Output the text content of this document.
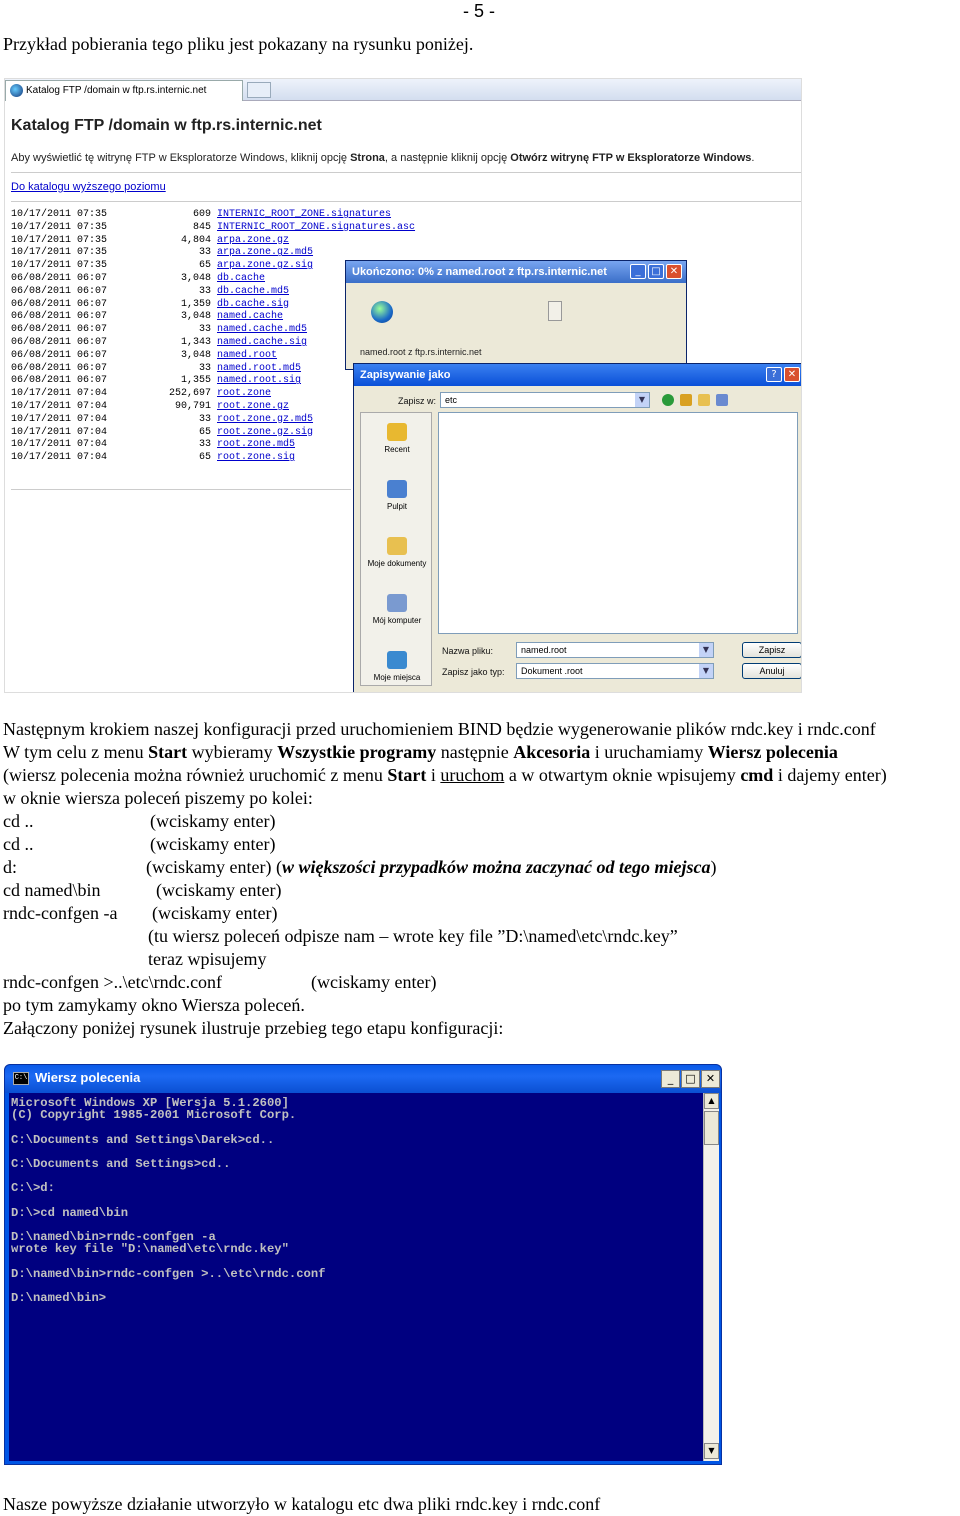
- 5 -
Przykład pobierania tego pliku jest pokazany na rysunku poniżej.
Katalog FTP /domain w ftp.rs.internic.net
Katalog FTP /domain w ftp.rs.internic.net
Aby wyświetlić tę witrynę FTP w Eksploratorze Windows, kliknij opcję Strona, a następnie kliknij opcję Otwórz witrynę FTP w Eksploratorze Windows.
Do katalogu wyższego poziomu
10/17/2011 07:35	609 INTERNIC_ROOT_ZONE.signatures
10/17/2011 07:35	845 INTERNIC_ROOT_ZONE.signatures.asc
10/17/2011 07:35	4,804 arpa.zone.gz
10/17/2011 07:35	33 arpa.zone.gz.md5
10/17/2011 07:35	65 arpa.zone.gz.sig
06/08/2011 06:07	3,048 db.cache
06/08/2011 06:07	33 db.cache.md5
06/08/2011 06:07	1,359 db.cache.sig
06/08/2011 06:07	3,048 named.cache
06/08/2011 06:07	33 named.cache.md5
06/08/2011 06:07	1,343 named.cache.sig
06/08/2011 06:07	3,048 named.root
06/08/2011 06:07	33 named.root.md5
06/08/2011 06:07	1,355 named.root.sig
10/17/2011 07:04	252,697 root.zone
10/17/2011 07:04	90,791 root.zone.gz
10/17/2011 07:04	33 root.zone.gz.md5
10/17/2011 07:04	65 root.zone.gz.sig
10/17/2011 07:04	33 root.zone.md5
10/17/2011 07:04	65 root.zone.sig
Ukończono: 0% z named.root z ftp.rs.internic.net	_	□ ✕
named.root z ftp.rs.internic.net
Zapisywanie jako	?	✕
Zapisz w: etc	▼
Recent
Pulpit
Moje dokumenty
Mój komputer
Moje miejsca
Nazwa pliku:	named.root	▼
Zapisz jako typ:	Dokument .root	▼
Zapisz
Anuluj
Następnym krokiem naszej konfiguracji przed uruchomieniem BIND będzie wygenerowanie plików rndc.key i rndc.conf
W tym celu z menu Start wybieramy Wszystkie programy następnie Akcesoria i uruchamiamy Wiersz polecenia
(wiersz polecenia można również uruchomić z menu Start i uruchom a w otwartym oknie wpisujemy cmd i dajemy enter)
w oknie wiersza poleceń piszemy po kolei:
cd ..	(wciskamy enter)
cd ..	(wciskamy enter)
d:	(wciskamy enter) (w większości przypadków można zaczynać od tego miejsca)
cd named\bin	(wciskamy enter)
rndc-confgen -a (wciskamy enter)
(tu wiersz poleceń odpisze nam – wrote key file ”D:\named\etc\rndc.key”
teraz wpisujemy
rndc-confgen >..\etc\rndc.conf	(wciskamy enter)
po tym zamykamy okno Wiersza poleceń.
Załączony poniżej rysunek ilustruje przebieg tego etapu konfiguracji:
C:\ Wiersz polecenia	_	□ ✕
Microsoft Windows XP [Wersja 5.1.2600]
(C) Copyright 1985-2001 Microsoft Corp.
C:\Documents and Settings\Darek>cd..
C:\Documents and Settings>cd..
C:\>d:
D:\>cd named\bin
D:\named\bin>rndc-confgen -a
wrote key file "D:\named\etc\rndc.key"
D:\named\bin>rndc-confgen >..\etc\rndc.conf
D:\named\bin>
▲
▼
Nasze powyższe działanie utworzyło w katalogu etc dwa pliki rndc.key i rndc.conf
